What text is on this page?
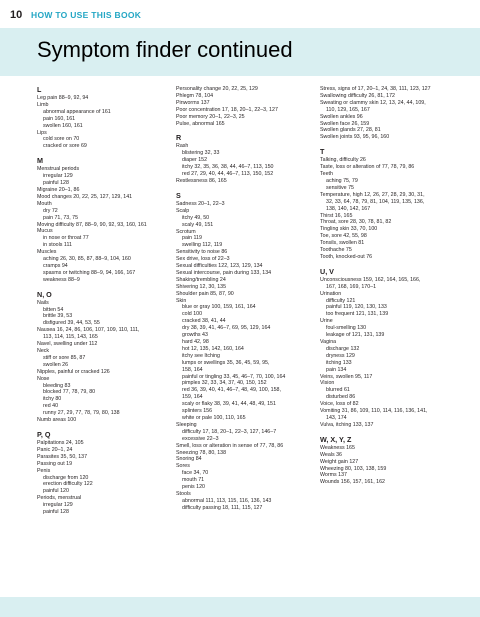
10 HOW TO USE THIS BOOK
Symptom finder continued
L
Leg pain 88–9, 92, 94
Limb
abnormal appearance of 161
pain 160, 161
swollen 160, 161
Lips
cold sore on 70
cracked or sore 69
M
Menstrual periods
irregular 129
painful 128
Migraine 20–1, 86
Mood changes 20, 22, 25, 127, 129, 141
Mouth
dry 72
pain 71, 73, 75
Moving difficulty 87, 88–9, 90, 92, 93, 160, 161
Mucus
in nose or throat 77
in stools 111
Muscles
aching 26, 30, 85, 87, 88–9, 104, 160
cramps 94
spasms or twitching 88–9, 94, 166, 167
weakness 88–9
N, O
Nails
bitten 54
brittle 39, 53
disfigured 39, 44, 53, 55
Nausea 16, 24, 86, 106, 107, 109, 110, 111,
113, 114, 115, 143, 165
Navel, swelling under 112
Neck
stiff or sore 85, 87
swollen 26
Nipples, painful or cracked 126
Nose
bleeding 83
blocked 77, 78, 79, 80
itchy 80
red 40
runny 27, 29, 77, 78, 79, 80, 138
Numb areas 100
P, Q
Palpitations 24, 105
Panic 20–1, 24
Parasites 35, 50, 137
Passing out 19
Penis
discharge from 120
erection difficulty 122
painful 120
Periods, menstrual
irregular 129
painful 128
Personality change 20, 22, 25, 129
Phlegm 78, 104
Pinworms 137
Poor concentration 17, 18, 20–1, 22–3, 127
Poor memory 20–1, 22–3, 25
Pulse, abnormal 165
R
Rash
blistering 32, 33
diaper 152
itchy 32, 35, 36, 38, 44, 46–7, 113, 150
red 27, 29, 40, 44, 46–7, 113, 150, 152
Restlessness 86, 165
S
Sadness 20–1, 22–3
Scalp
itchy 49, 50
scaly 49, 151
Scrotum
pain 119
swelling 112, 119
Sensitivity to noise 86
Sex drive, loss of 22–3
Sexual difficulties 122, 123, 129, 134
Sexual intercourse, pain during 133, 134
Shaking/trembling 24
Shivering 12, 30, 135
Shoulder pain 85, 87, 90
Skin
blue or gray 100, 159, 161, 164
cold 100
cracked 38, 41, 44
dry 38, 39, 41, 46–7, 69, 95, 129, 164
growths 43
hard 42, 98
hot 12, 135, 142, 160, 164
itchy see Itching
lumps or swellings 35, 36, 45, 59, 95,
158, 164
painful or tingling 33, 45, 46–7, 70, 100, 164
pimples 32, 33, 34, 37, 40, 150, 152
red 36, 39, 40, 41, 46–7, 48, 49, 100, 158,
159, 164
scaly or flaky 38, 39, 41, 44, 48, 49, 151
splinters 156
white or pale 100, 110, 165
Sleeping
difficulty 17, 18, 20–1, 22–3, 127, 146–7
excessive 22–3
Smell, loss or alteration in sense of 77, 78, 86
Sneezing 78, 80, 138
Snoring 84
Sores
face 34, 70
mouth 71
penis 120
Stools
abnormal 111, 113, 115, 116, 136, 143
difficulty passing 18, 111, 115, 127
Stress, signs of 17, 20–1, 24, 38, 111, 123, 127
Swallowing difficulty 26, 81, 172
Sweating or clammy skin 12, 13, 24, 44, 109,
110, 129, 165, 167
Swollen ankles 96
Swollen face 26, 159
Swollen glands 27, 28, 81
Swollen joints 93, 95, 96, 160
T
Talking, difficulty 26
Taste, loss or alteration of 77, 78, 79, 86
Teeth
aching 75, 79
sensitive 75
Temperature, high 12, 26, 27, 28, 29, 30, 31,
32, 33, 64, 78, 79, 81, 104, 119, 135, 136,
138, 140, 142, 167
Thirst 16, 165
Throat, sore 28, 30, 78, 81, 82
Tingling skin 33, 70, 100
Toe, sore 42, 55, 98
Tonsils, swollen 81
Toothache 75
Tooth, knocked-out 76
U, V
Unconsciousness 159, 162, 164, 165, 166,
167, 168, 169, 170–1
Urination
difficulty 121
painful 119, 120, 130, 133
too frequent 121, 131, 139
Urine
foul-smelling 130
leakage of 121, 131, 139
Vagina
discharge 132
dryness 129
itching 133
pain 134
Veins, swollen 95, 117
Vision
blurred 61
disturbed 86
Voice, loss of 82
Vomiting 31, 86, 109, 110, 114, 116, 136, 141,
143, 174
Vulva, itching 133, 137
W, X, Y, Z
Weakness 165
Weals 36
Weight gain 127
Wheezing 80, 103, 138, 159
Worms 137
Wounds 156, 157, 161, 162
